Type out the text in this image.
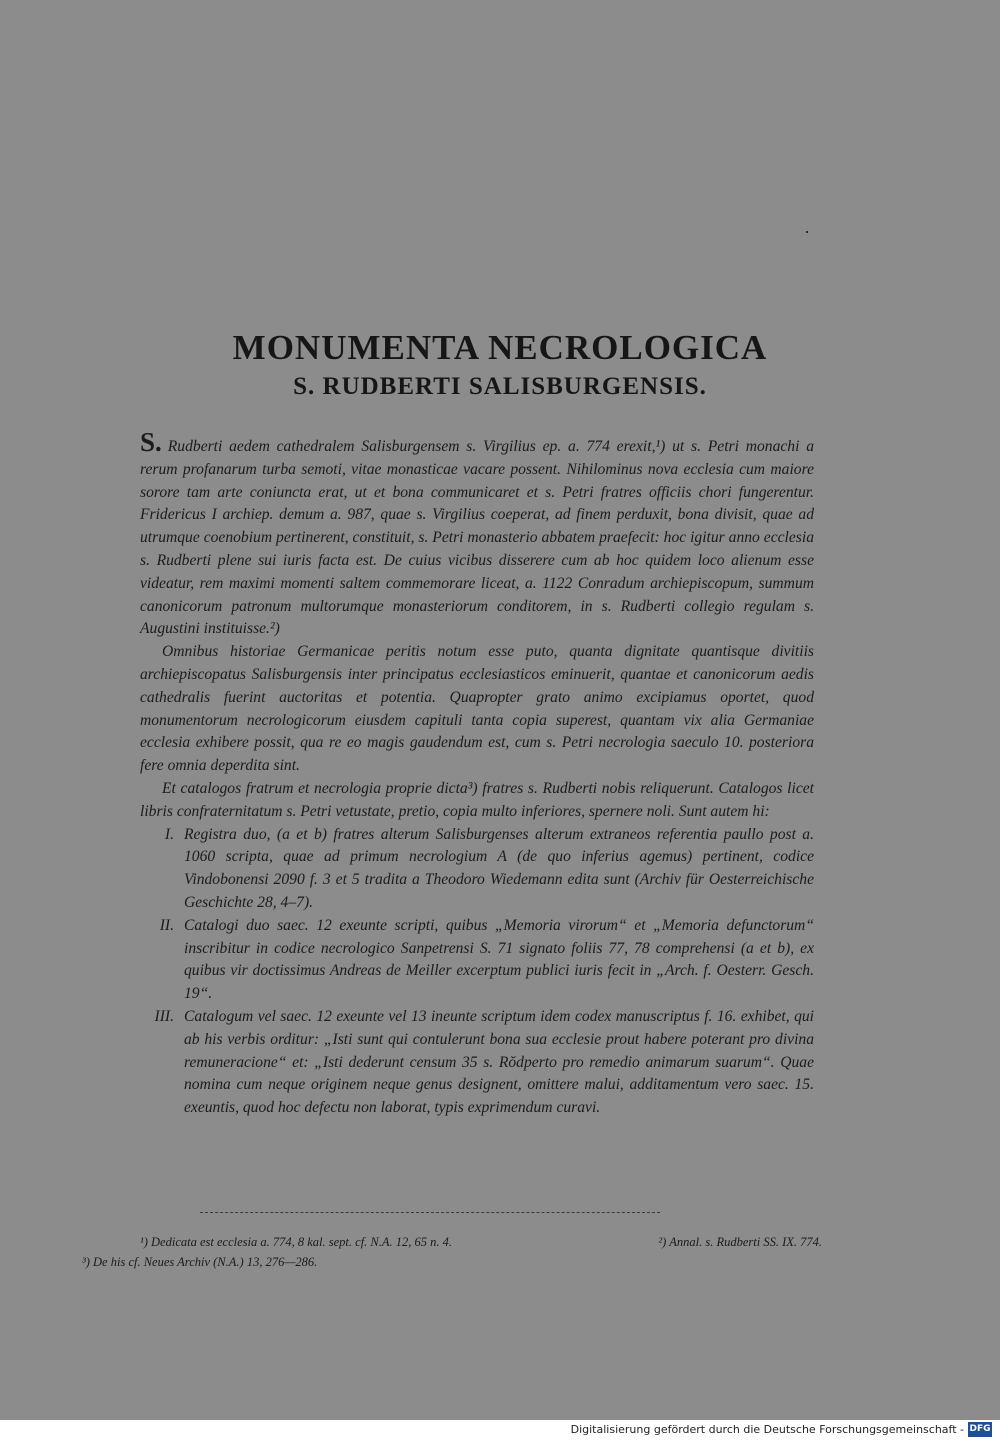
MONUMENTA NECROLOGICA
S. RUDBERTI SALISBURGENSIS.

S. Rudberti aedem cathedralem Salisburgensem s. Virgilius ep. a. 774 erexit,¹) ut s. Petri monachi a rerum profanarum turba semoti, vitae monasticae vacare possent. Nihilominus nova ecclesia cum maiore sorore tam arte coniuncta erat, ut et bona communicaret et s. Petri fratres officiis chori fungerentur. Fridericus I archiep. demum a. 987, quae s. Virgilius coeperat, ad finem perduxit, bona divisit, quae ad utrumque coenobium pertinerent, constituit, s. Petri monasterio abbatem praefecit: hoc igitur anno ecclesia s. Rudberti plene sui iuris facta est. De cuius vicibus disserere cum ab hoc quidem loco alienum esse videatur, rem maximi momenti saltem commemorare liceat, a. 1122 Conradum archiepiscopum, summum canonicorum patronum multorumque monasteriorum conditorem, in s. Rudberti collegio regulam s. Augustini instituisse.²)

Omnibus historiae Germanicae peritis notum esse puto, quanta dignitate quantisque divitiis archiepiscopatus Salisburgensis inter principatus ecclesiasticos eminuerit, quantae et canonicorum aedis cathedralis fuerint auctoritas et potentia. Quapropter grato animo excipiamus oportet, quod monumentorum necrologicorum eiusdem capituli tanta copia superest, quantam vix alia Germaniae ecclesia exhibere possit, qua re eo magis gaudendum est, cum s. Petri necrologia saeculo 10. posteriora fere omnia deperdita sint.

Et catalogos fratrum et necrologia proprie dicta³) fratres s. Rudberti nobis reliquerunt. Catalogos licet libris confraternitatum s. Petri vetustate, pretio, copia multo inferiores, spernere noli. Sunt autem hi:

I. Registra duo, (a et b) fratres alterum Salisburgenses alterum extraneos referentia paullo post a. 1060 scripta, quae ad primum necrologium A (de quo inferius agemus) pertinent, codice Vindobonensi 2090 f. 3 et 5 tradita a Theodoro Wiedemann edita sunt (Archiv für Oesterreichische Geschichte 28, 4–7).
II. Catalogi duo saec. 12 exeunte scripti, quibus „Memoria virorum“ et „Memoria defunctorum“ inscribitur in codice necrologico Sanpetrensi S. 71 signato foliis 77, 78 comprehensi (a et b), ex quibus vir doctissimus Andreas de Meiller excerptum publici iuris fecit in „Arch. f. Oesterr. Gesch. 19“.
III. Catalogum vel saec. 12 exeunte vel 13 ineunte scriptum idem codex manuscriptus f. 16. exhibet, qui ab his verbis orditur: „Isti sunt qui contulerunt bona sua ecclesie prout habere poterant pro divina remuneracione“ et: „Isti dederunt censum 35 s. Rŏdperto pro remedio animarum suarum“. Quae nomina cum neque originem neque genus designent, omittere malui, additamentum vero saec. 15. exeuntis, quod hoc defectu non laborat, typis exprimendum curavi.

¹) Dedicata est ecclesia a. 774, 8 kal. sept. cf. N.A. 12, 65 n. 4.	²) Annal. s. Rudberti SS. IX. 774.

³) De his cf. Neues Archiv (N.A.) 13, 276—286.

Digitalisierung gefördert durch die Deutsche Forschungsgemeinschaft - DFG
